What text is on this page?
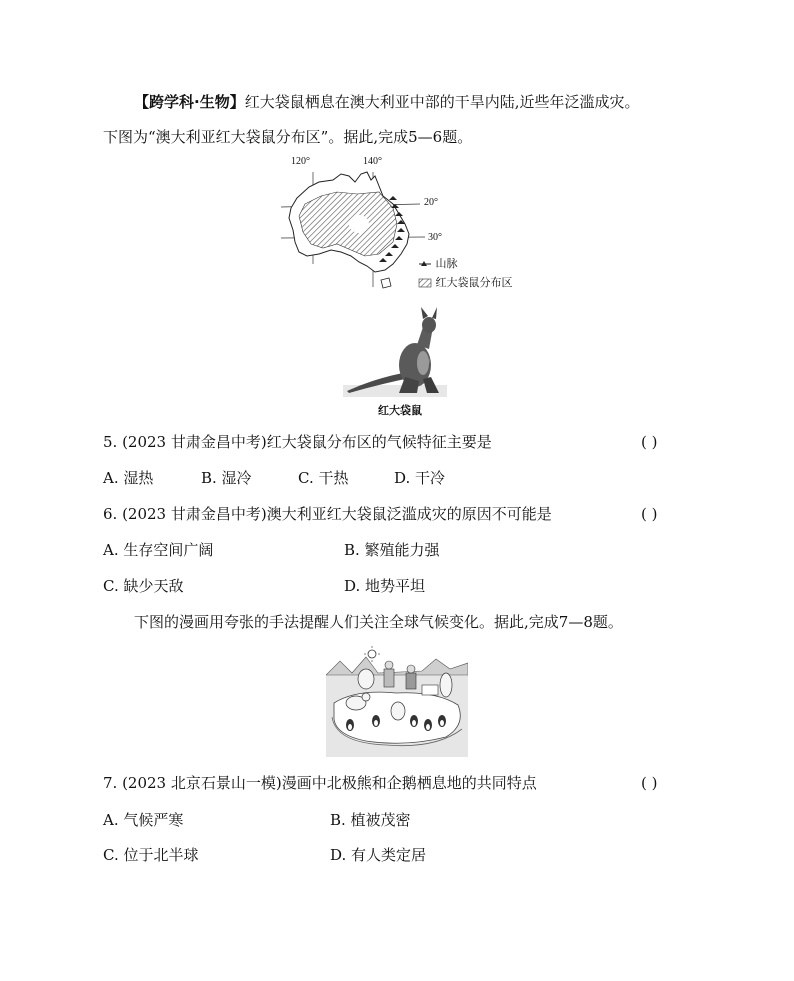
【跨学科·生物】红大袋鼠栖息在澳大利亚中部的干旱内陆,近些年泛滥成灾。
下图为“澳大利亚红大袋鼠分布区”。据此,完成5—6题。
120°	140°
20°
30°
山脉
红大袋鼠分布区
红大袋鼠
5. (2023 甘肃金昌中考)红大袋鼠分布区的气候特征主要是	( )
A. 湿热	B. 湿冷	C. 干热	D. 干冷
6. (2023 甘肃金昌中考)澳大利亚红大袋鼠泛滥成灾的原因不可能是	( )
A. 生存空间广阔	B. 繁殖能力强
C. 缺少天敌	D. 地势平坦
下图的漫画用夸张的手法提醒人们关注全球气候变化。据此,完成7—8题。
7. (2023 北京石景山一模)漫画中北极熊和企鹅栖息地的共同特点	( )
A. 气候严寒	B. 植被茂密
C. 位于北半球	D. 有人类定居
